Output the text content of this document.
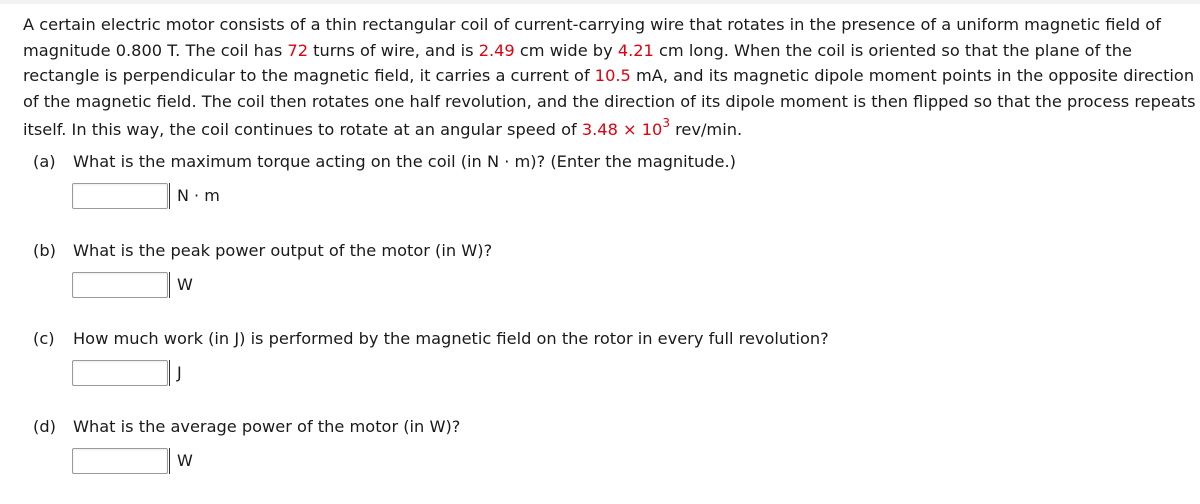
A certain electric motor consists of a thin rectangular coil of current-carrying wire that rotates in the presence of a uniform magnetic field of
magnitude 0.800 T. The coil has 72 turns of wire, and is 2.49 cm wide by 4.21 cm long. When the coil is oriented so that the plane of the
rectangle is perpendicular to the magnetic field, it carries a current of 10.5 mA, and its magnetic dipole moment points in the opposite direction
of the magnetic field. The coil then rotates one half revolution, and the direction of its dipole moment is then flipped so that the process repeats
itself. In this way, the coil continues to rotate at an angular speed of $3.48 \times 10^3$ rev/min.
(a)	What is the maximum torque acting on the coil (in N · m)? (Enter the magnitude.)
N · m
(b)	What is the peak power output of the motor (in W)?
W
(c)	How much work (in J) is performed by the magnetic field on the rotor in every full revolution?
J
(d)	What is the average power of the motor (in W)?
W
